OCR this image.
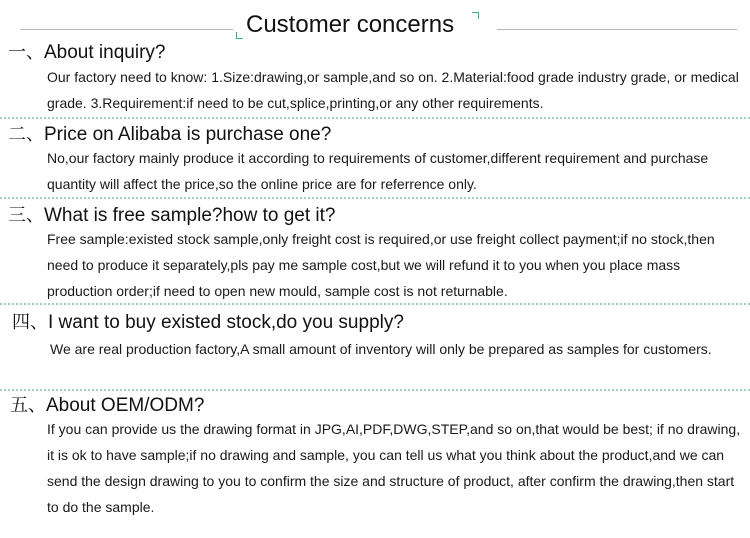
Customer concerns
一、About inquiry?
Our factory need to know: 1.Size:drawing,or sample,and so on. 2.Material:food grade industry grade, or medical grade. 3.Requirement:if need to be cut,splice,printing,or any other requirements.
二、Price on Alibaba is purchase one?
No,our factory mainly produce it according to requirements of customer,different requirement and purchase quantity will affect the price,so the online price are for referrence only.
三、What is free sample?how to get it?
Free sample:existed stock sample,only freight cost is required,or use freight collect payment;if no stock,then need to produce it separately,pls pay me sample cost,but we will refund it to you when you place mass production order;if need to open new mould, sample cost is not returnable.
四、I want to buy existed stock,do you supply?
We are real production factory,A small amount of inventory will only be prepared as samples for customers.
五、About OEM/ODM?
If you can provide us the drawing format in JPG,AI,PDF,DWG,STEP,and so on,that would be best; if no drawing, it is ok to have sample;if no drawing and sample, you can tell us what you think about the product,and we can send the design drawing to you to confirm the size and structure of product, after confirm the drawing,then start to do the sample.
